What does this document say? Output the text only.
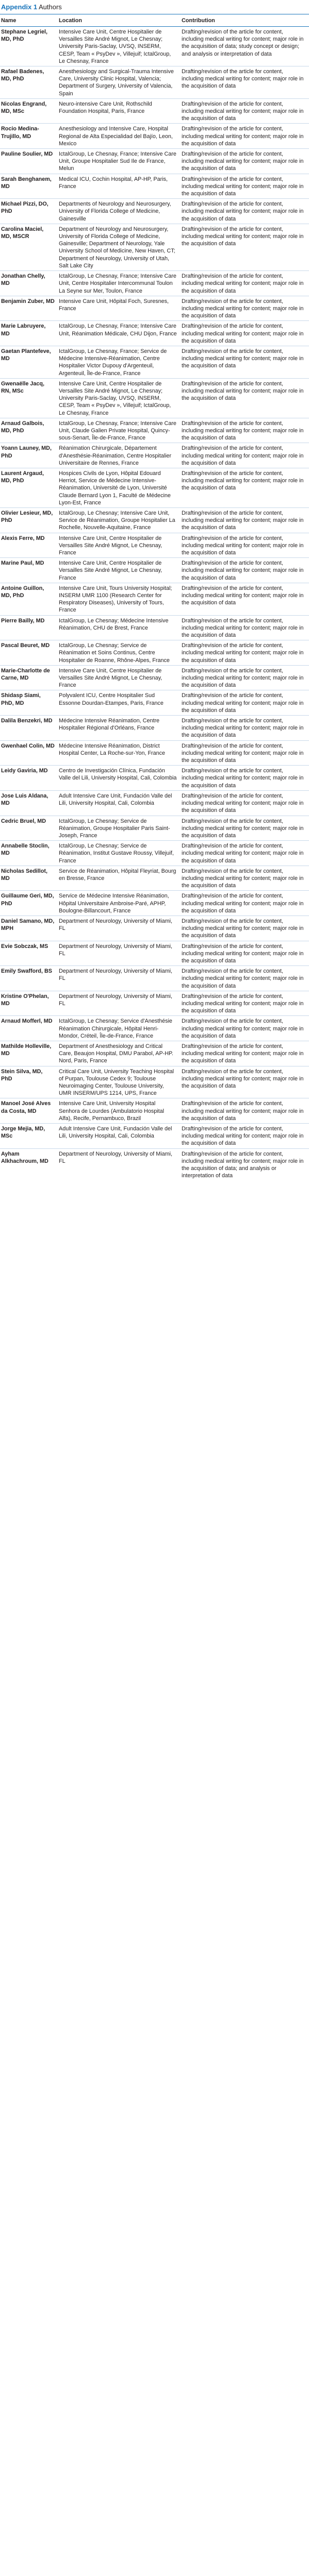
Appendix 1 Authors
Name	Location	Contribution
Stephane Legriel, MD, PhD	Intensive Care Unit, Centre Hospitalier de Versailles Site André Mignot, Le Chesnay; University Paris-Saclay, UVSQ, INSERM, CESP, Team « PsyDev », Villejuif; IctalGroup, Le Chesnay, France	Drafting/revision of the article for content, including medical writing for content; major role in the acquisition of data; study concept or design; and analysis or interpretation of data
Rafael Badenes, MD, PhD	Anesthesiology and Surgical-Trauma Intensive Care, University Clinic Hospital, Valencia; Department of Surgery, University of Valencia, Spain	Drafting/revision of the article for content, including medical writing for content; major role in the acquisition of data
Nicolas Engrand, MD, MSc	Neuro-intensive Care Unit, Rothschild Foundation Hospital, Paris, France	Drafting/revision of the article for content, including medical writing for content; major role in the acquisition of data
Rocio Medina-Trujillo, MD	Anesthesiology and Intensive Care, Hospital Regional de Alta Especialidad del Bajío, Leon, Mexico	Drafting/revision of the article for content, including medical writing for content; major role in the acquisition of data
Pauline Soulier, MD	IctalGroup, Le Chesnay, France; Intensive Care Unit, Groupe Hospitalier Sud Ile de France, Melun	Drafting/revision of the article for content, including medical writing for content; major role in the acquisition of data
Sarah Benghanem, MD	Medical ICU, Cochin Hospital, AP-HP, Paris, France	Drafting/revision of the article for content, including medical writing for content; major role in the acquisition of data
Michael Pizzi, DO, PhD	Departments of Neurology and Neurosurgery, University of Florida College of Medicine, Gainesville	Drafting/revision of the article for content, including medical writing for content; major role in the acquisition of data
Carolina Maciel, MD, MSCR	Department of Neurology and Neurosurgery, University of Florida College of Medicine, Gainesville; Department of Neurology, Yale University School of Medicine, New Haven, CT; Department of Neurology, University of Utah, Salt Lake City	Drafting/revision of the article for content, including medical writing for content; major role in the acquisition of data
Jonathan Chelly, MD	IctalGroup, Le Chesnay, France; Intensive Care Unit, Centre Hospitalier Intercommunal Toulon La Seyne sur Mer, Toulon, France	Drafting/revision of the article for content, including medical writing for content; major role in the acquisition of data
Benjamin Zuber, MD	Intensive Care Unit, Hôpital Foch, Suresnes, France	Drafting/revision of the article for content, including medical writing for content; major role in the acquisition of data
Marie Labruyere, MD	IctalGroup, Le Chesnay, France; Intensive Care Unit, Réanimation Médicale, CHU Dijon, France	Drafting/revision of the article for content, including medical writing for content; major role in the acquisition of data
Gaetan Plantefeve, MD	IctalGroup, Le Chesnay, France; Service de Médecine Intensive-Réanimation, Centre Hospitalier Victor Dupouy d'Argenteuil, Argenteuil, Île-de-France, France	Drafting/revision of the article for content, including medical writing for content; major role in the acquisition of data
Gwenaëlle Jacq, RN, MSc	Intensive Care Unit, Centre Hospitalier de Versailles Site André Mignot, Le Chesnay; University Paris-Saclay, UVSQ, INSERM, CESP, Team « PsyDev », Villejuif; IctalGroup, Le Chesnay, France	Drafting/revision of the article for content, including medical writing for content; major role in the acquisition of data
Arnaud Galbois, MD, PhD	IctalGroup, Le Chesnay, France; Intensive Care Unit, Claude Galien Private Hospital, Quincy-sous-Senart, Île-de-France, France	Drafting/revision of the article for content, including medical writing for content; major role in the acquisition of data
Yoann Launey, MD, PhD	Réanimation Chirurgicale, Département d'Anesthésie-Réanimation, Centre Hospitalier Universitaire de Rennes, France	Drafting/revision of the article for content, including medical writing for content; major role in the acquisition of data
Laurent Argaud, MD, PhD	Hospices Civils de Lyon, Hôpital Edouard Herriot, Service de Médecine Intensive-Réanimation, Université de Lyon, Université Claude Bernard Lyon 1, Faculté de Médecine Lyon-Est, France	Drafting/revision of the article for content, including medical writing for content; major role in the acquisition of data
Olivier Lesieur, MD, PhD	IctalGroup, Le Chesnay; Intensive Care Unit, Service de Réanimation, Groupe Hospitalier La Rochelle, Nouvelle-Aquitaine, France	Drafting/revision of the article for content, including medical writing for content; major role in the acquisition of data
Alexis Ferre, MD	Intensive Care Unit, Centre Hospitalier de Versailles Site André Mignot, Le Chesnay, France	Drafting/revision of the article for content, including medical writing for content; major role in the acquisition of data
Marine Paul, MD	Intensive Care Unit, Centre Hospitalier de Versailles Site André Mignot, Le Chesnay, France	Drafting/revision of the article for content, including medical writing for content; major role in the acquisition of data
Antoine Guillon, MD, PhD	Intensive Care Unit, Tours University Hospital; INSERM UMR 1100 (Research Center for Respiratory Diseases), University of Tours, France	Drafting/revision of the article for content, including medical writing for content; major role in the acquisition of data
Pierre Bailly, MD	IctalGroup, Le Chesnay; Médecine Intensive Réanimation, CHU de Brest, France	Drafting/revision of the article for content, including medical writing for content; major role in the acquisition of data
Pascal Beuret, MD	IctalGroup, Le Chesnay; Service de Réanimation et Soins Continus, Centre Hospitalier de Roanne, Rhône-Alpes, France	Drafting/revision of the article for content, including medical writing for content; major role in the acquisition of data
Marie-Charlotte de Carne, MD	Intensive Care Unit, Centre Hospitalier de Versailles Site André Mignot, Le Chesnay, France	Drafting/revision of the article for content, including medical writing for content; major role in the acquisition of data
Shidasp Siami, PhD, MD	Polyvalent ICU, Centre Hospitalier Sud Essonne Dourdan-Etampes, Paris, France	Drafting/revision of the article for content, including medical writing for content; major role in the acquisition of data
Dalila Benzekri, MD	Médecine Intensive Réanimation, Centre Hospitalier Régional d'Orléans, France	Drafting/revision of the article for content, including medical writing for content; major role in the acquisition of data
Gwenhael Colin, MD	Médecine Intensive Réanimation, District Hospital Center, La Roche-sur-Yon, France	Drafting/revision of the article for content, including medical writing for content; major role in the acquisition of data
Leidy Gaviria, MD	Centro de Investigación Clínica, Fundación Valle del Lili, University Hospital, Cali, Colombia	Drafting/revision of the article for content, including medical writing for content; major role in the acquisition of data
Jose Luis Aldana, MD	Adult Intensive Care Unit, Fundación Valle del Lili, University Hospital, Cali, Colombia	Drafting/revision of the article for content, including medical writing for content; major role in the acquisition of data
Cedric Bruel, MD	IctalGroup, Le Chesnay; Service de Réanimation, Groupe Hospitalier Paris Saint-Joseph, France	Drafting/revision of the article for content, including medical writing for content; major role in the acquisition of data
Annabelle Stoclin, MD	IctalGroup, Le Chesnay; Service de Réanimation, Institut Gustave Roussy, Villejuif, France	Drafting/revision of the article for content, including medical writing for content; major role in the acquisition of data
Nicholas Sedillot, MD	Service de Réanimation, Hôpital Fleyriat, Bourg en Bresse, France	Drafting/revision of the article for content, including medical writing for content; major role in the acquisition of data
Guillaume Geri, MD, PhD	Service de Médecine Intensive Réanimation, Hôpital Universitaire Ambroise-Paré, APHP, Boulogne-Billancourt, France	Drafting/revision of the article for content, including medical writing for content; major role in the acquisition of data
Daniel Samano, MD, MPH	Department of Neurology, University of Miami, FL	Drafting/revision of the article for content, including medical writing for content; major role in the acquisition of data
Evie Sobczak, MS	Department of Neurology, University of Miami, FL	Drafting/revision of the article for content, including medical writing for content; major role in the acquisition of data
Emily Swafford, BS	Department of Neurology, University of Miami, FL	Drafting/revision of the article for content, including medical writing for content; major role in the acquisition of data
Kristine O'Phelan, MD	Department of Neurology, University of Miami, FL	Drafting/revision of the article for content, including medical writing for content; major role in the acquisition of data
Arnaud Mofferl, MD	IctalGroup, Le Chesnay; Service d'Anesthésie Réanimation Chirurgicale, Hôpital Henri-Mondor, Créteil, Île-de-France, France	Drafting/revision of the article for content, including medical writing for content; major role in the acquisition of data
Mathilde Holleville, MD	Department of Anesthesiology and Critical Care, Beaujon Hospital, DMU Parabol, AP-HP. Nord, Paris, France	Drafting/revision of the article for content, including medical writing for content; major role in the acquisition of data
Stein Silva, MD, PhD	Critical Care Unit, University Teaching Hospital of Purpan, Toulouse Cedex 9; Toulouse Neuroimaging Center, Toulouse University, UMR INSERM/UPS 1214, UPS, France	Drafting/revision of the article for content, including medical writing for content; major role in the acquisition of data
Manoel José Alves da Costa, MD	Intensive Care Unit, University Hospital Senhora de Lourdes (Ambulatorio Hospital Alfa), Recife, Pernambuco, Brazil	Drafting/revision of the article for content, including medical writing for content; major role in the acquisition of data
Jorge Mejia, MD, MSc	Adult Intensive Care Unit, Fundación Valle del Lili, University Hospital, Cali, Colombia	Drafting/revision of the article for content, including medical writing for content; major role in the acquisition of data
Ayham Alkhachroum, MD	Department of Neurology, University of Miami, FL	Drafting/revision of the article for content, including medical writing for content; major role in the acquisition of data; and analysis or interpretation of data
